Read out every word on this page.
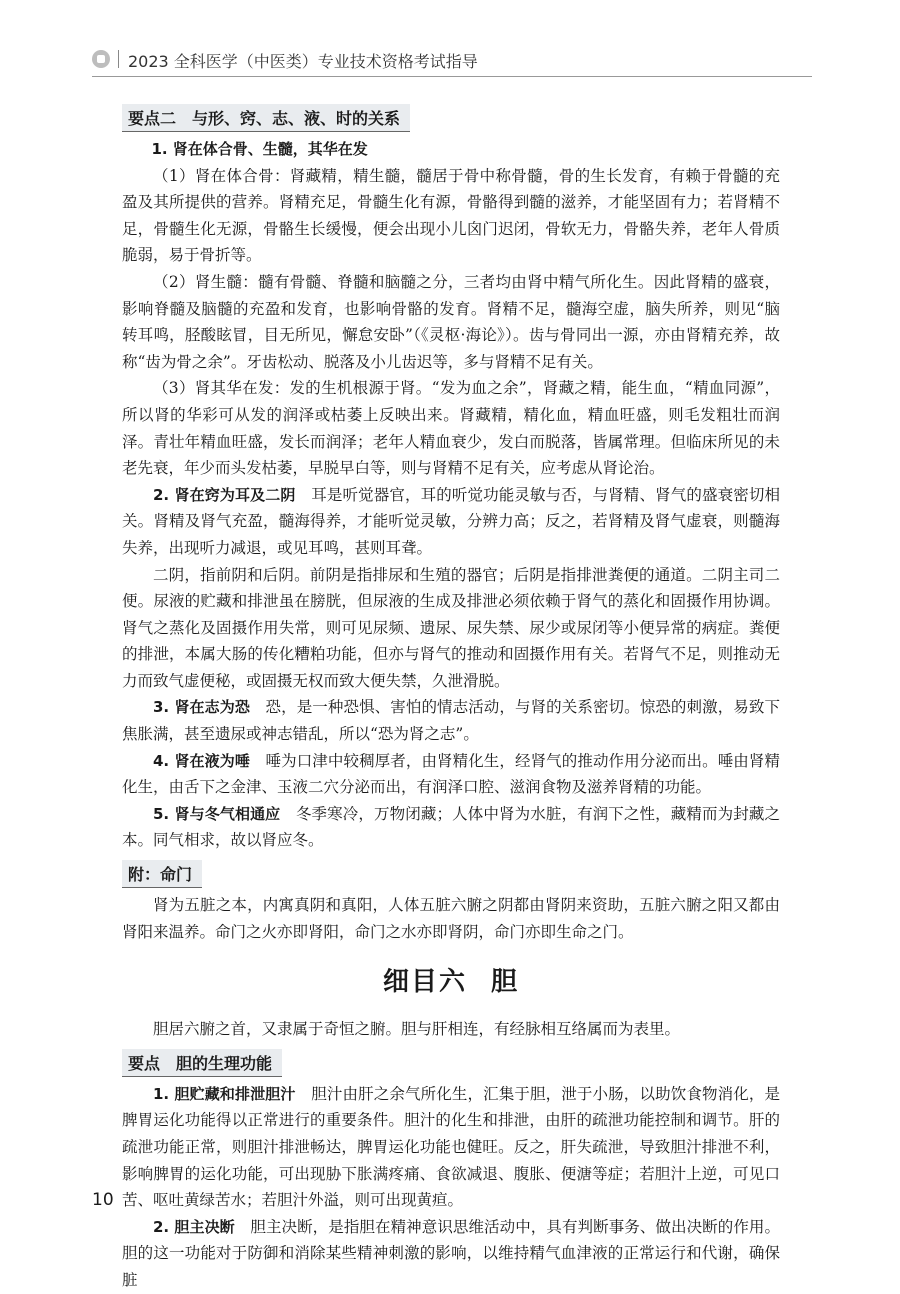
2023 全科医学（中医类）专业技术资格考试指导
要点二　与形、窍、志、液、时的关系
1. 肾在体合骨、生髓，其华在发

（1）肾在体合骨：肾藏精，精生髓，髓居于骨中称骨髓，骨的生长发育，有赖于骨髓的充盈及其所提供的营养。肾精充足，骨髓生化有源，骨骼得到髓的滋养，才能坚固有力；若肾精不足，骨髓生化无源，骨骼生长缓慢，便会出现小儿囟门迟闭，骨软无力，骨骼失养，老年人骨质脆弱，易于骨折等。

（2）肾生髓：髓有骨髓、脊髓和脑髓之分，三者均由肾中精气所化生。因此肾精的盛衰，影响脊髓及脑髓的充盈和发育，也影响骨骼的发育。肾精不足，髓海空虚，脑失所养，则见“脑转耳鸣，胫酸眩冒，目无所见，懈怠安卧”（《灵枢·海论》）。齿与骨同出一源，亦由肾精充养，故称“齿为骨之余”。牙齿松动、脱落及小儿齿迟等，多与肾精不足有关。

（3）肾其华在发：发的生机根源于肾。“发为血之余”，肾藏之精，能生血，“精血同源”，所以肾的华彩可从发的润泽或枯萎上反映出来。肾藏精，精化血，精血旺盛，则毛发粗壮而润泽。青壮年精血旺盛，发长而润泽；老年人精血衰少，发白而脱落，皆属常理。但临床所见的未老先衰，年少而头发枯萎，早脱早白等，则与肾精不足有关，应考虑从肾论治。

2. 肾在窍为耳及二阴　 耳是听觉器官，耳的听觉功能灵敏与否，与肾精、肾气的盛衰密切相关。肾精及肾气充盈，髓海得养，才能听觉灵敏，分辨力高；反之，若肾精及肾气虚衰，则髓海失养，出现听力减退，或见耳鸣，甚则耳聋。

二阴，指前阴和后阴。前阴是指排尿和生殖的器官；后阴是指排泄粪便的通道。二阴主司二便。尿液的贮藏和排泄虽在膀胱，但尿液的生成及排泄必须依赖于肾气的蒸化和固摄作用协调。肾气之蒸化及固摄作用失常，则可见尿频、遗尿、尿失禁、尿少或尿闭等小便异常的病症。粪便的排泄，本属大肠的传化糟粕功能，但亦与肾气的推动和固摄作用有关。若肾气不足，则推动无力而致气虚便秘，或固摄无权而致大便失禁，久泄滑脱。

3. 肾在志为恐　 恐，是一种恐惧、害怕的情志活动，与肾的关系密切。惊恐的刺激，易致下焦胀满，甚至遗尿或神志错乱，所以“恐为肾之志”。

4. 肾在液为唾　 唾为口津中较稠厚者，由肾精化生，经肾气的推动作用分泌而出。唾由肾精化生，由舌下之金津、玉液二穴分泌而出，有润泽口腔、滋润食物及滋养肾精的功能。

5. 肾与冬气相通应　 冬季寒冷，万物闭藏；人体中肾为水脏，有润下之性，藏精而为封藏之本。同气相求，故以肾应冬。

附：命门

肾为五脏之本，内寓真阴和真阳，人体五脏六腑之阴都由肾阴来资助，五脏六腑之阳又都由肾阳来温养。命门之火亦即肾阳，命门之水亦即肾阴，命门亦即生命之门。

细目六 胆

胆居六腑之首，又隶属于奇恒之腑。胆与肝相连，有经脉相互络属而为表里。

要点　胆的生理功能

1. 胆贮藏和排泄胆汁　 胆汁由肝之余气所化生，汇集于胆，泄于小肠，以助饮食物消化，是脾胃运化功能得以正常进行的重要条件。胆汁的化生和排泄，由肝的疏泄功能控制和调节。肝的疏泄功能正常，则胆汁排泄畅达，脾胃运化功能也健旺。反之，肝失疏泄，导致胆汁排泄不利，影响脾胃的运化功能，可出现胁下胀满疼痛、食欲减退、腹胀、便溏等症；若胆汁上逆，可见口苦、呕吐黄绿苦水；若胆汁外溢，则可出现黄疸。

2. 胆主决断　 胆主决断，是指胆在精神意识思维活动中，具有判断事务、做出决断的作用。胆的这一功能对于防御和消除某些精神刺激的影响，以维持精气血津液的正常运行和代谢，确保脏

10
